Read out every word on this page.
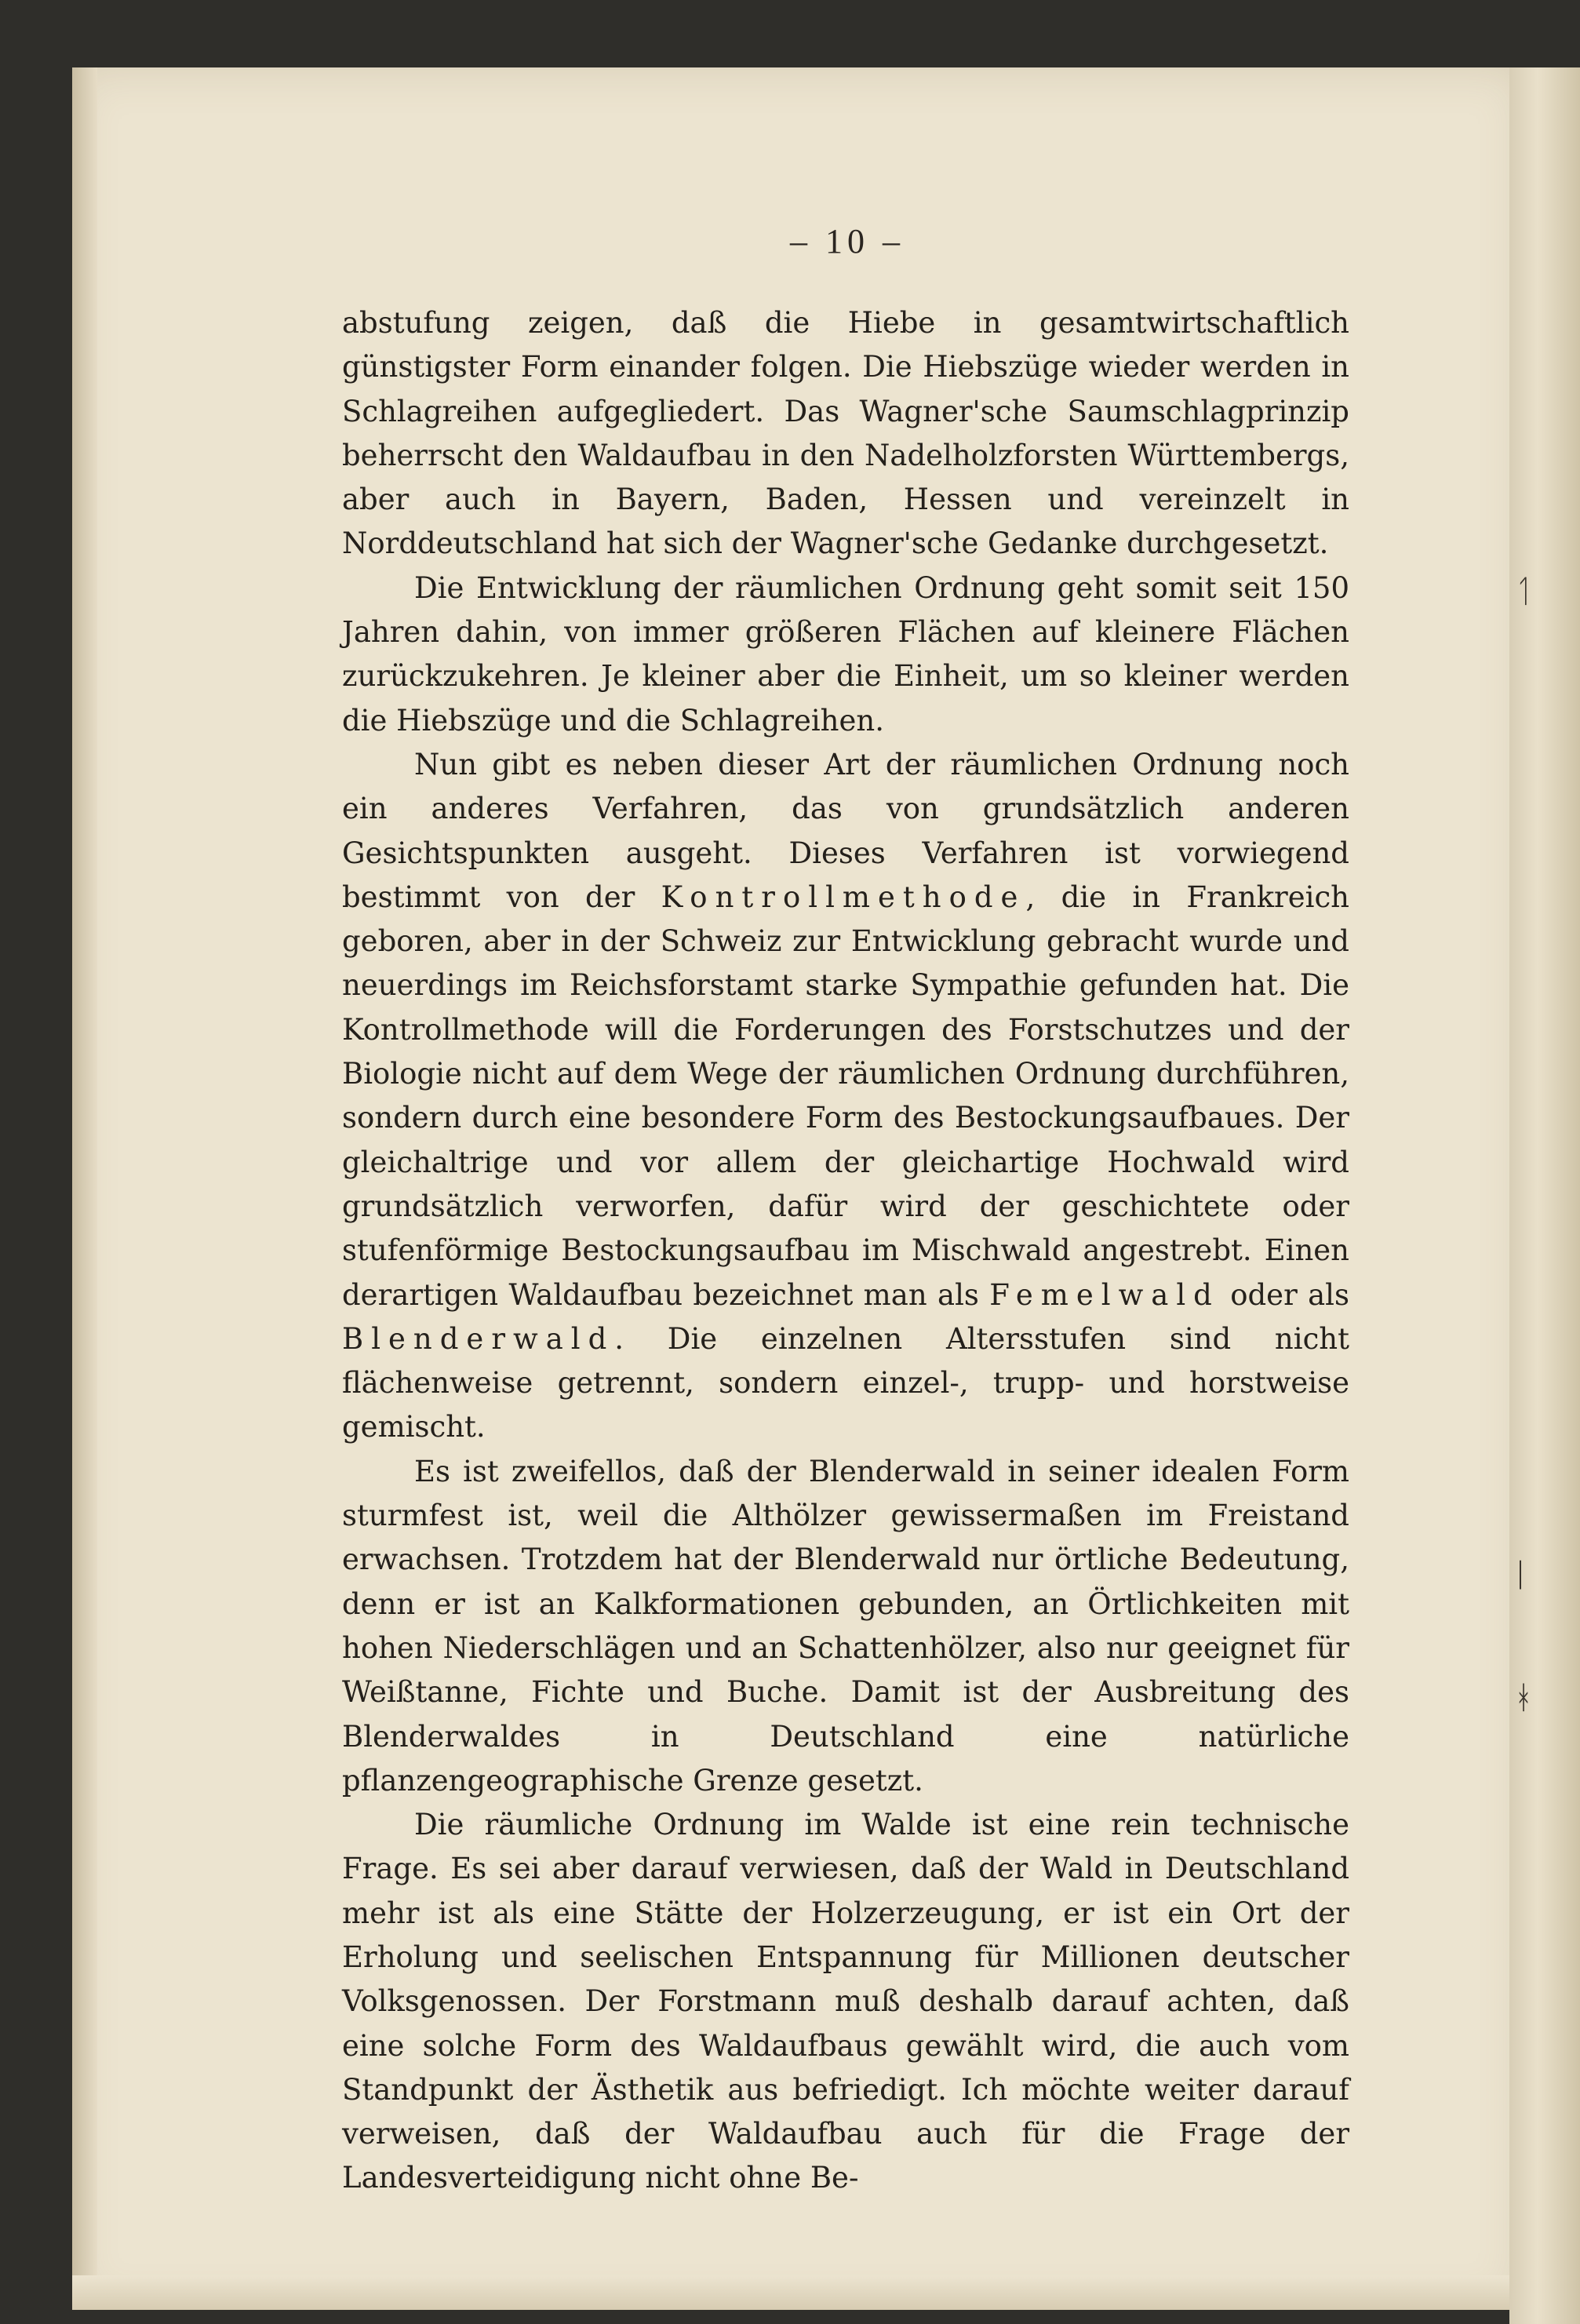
– 10 –

abstufung zeigen, daß die Hiebe in gesamtwirtschaftlich günstigster Form einander folgen. Die Hiebszüge wieder werden in Schlagreihen aufgegliedert. Das Wagner'sche Saumschlagprinzip beherrscht den Waldaufbau in den Nadelholzforsten Württembergs, aber auch in Bayern, Baden, Hessen und vereinzelt in Norddeutschland hat sich der Wagner'sche Gedanke durchgesetzt.

Die Entwicklung der räumlichen Ordnung geht somit seit 150 Jahren dahin, von immer größeren Flächen auf kleinere Flächen zurückzukehren. Je kleiner aber die Einheit, um so kleiner werden die Hiebszüge und die Schlagreihen.

Nun gibt es neben dieser Art der räumlichen Ordnung noch ein anderes Verfahren, das von grundsätzlich anderen Gesichtspunkten ausgeht. Dieses Verfahren ist vorwiegend bestimmt von der Kontrollmethode, die in Frankreich geboren, aber in der Schweiz zur Entwicklung gebracht wurde und neuerdings im Reichsforstamt starke Sympathie gefunden hat. Die Kontrollmethode will die Forderungen des Forstschutzes und der Biologie nicht auf dem Wege der räumlichen Ordnung durchführen, sondern durch eine besondere Form des Bestockungsaufbaues. Der gleichaltrige und vor allem der gleichartige Hochwald wird grundsätzlich verworfen, dafür wird der geschichtete oder stufenförmige Bestockungsaufbau im Mischwald angestrebt. Einen derartigen Waldaufbau bezeichnet man als Femelwald oder als Blenderwald. Die einzelnen Altersstufen sind nicht flächenweise getrennt, sondern einzel-, trupp- und horstweise gemischt.

Es ist zweifellos, daß der Blenderwald in seiner idealen Form sturmfest ist, weil die Althölzer gewissermaßen im Freistand erwachsen. Trotzdem hat der Blenderwald nur örtliche Bedeutung, denn er ist an Kalkformationen gebunden, an Örtlichkeiten mit hohen Niederschlägen und an Schattenhölzer, also nur geeignet für Weißtanne, Fichte und Buche. Damit ist der Ausbreitung des Blenderwaldes in Deutschland eine natürliche pflanzengeographische Grenze gesetzt.

Die räumliche Ordnung im Walde ist eine rein technische Frage. Es sei aber darauf verwiesen, daß der Wald in Deutschland mehr ist als eine Stätte der Holzerzeugung, er ist ein Ort der Erholung und seelischen Entspannung für Millionen deutscher Volksgenossen. Der Forstmann muß deshalb darauf achten, daß eine solche Form des Waldaufbaus gewählt wird, die auch vom Standpunkt der Ästhetik aus befriedigt. Ich möchte weiter darauf verweisen, daß der Waldaufbau auch für die Frage der Landesverteidigung nicht ohne Be-

ᛐ
|
ᚼ
